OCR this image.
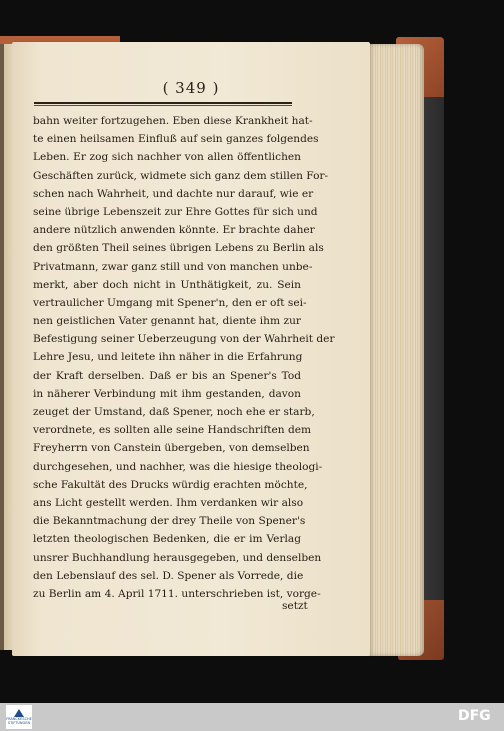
( 349 )
bahn weiter fortzugehen. Eben diese Krankheit hat-
te einen heilsamen Einfluß auf sein ganzes folgendes
Leben. Er zog sich nachher von allen öffentlichen
Geschäften zurück, widmete sich ganz dem stillen For-
schen nach Wahrheit, und dachte nur darauf, wie er
seine übrige Lebenszeit zur Ehre Gottes für sich und
andere nützlich anwenden könnte. Er brachte daher
den größten Theil seines übrigen Lebens zu Berlin als
Privatmann, zwar ganz still und von manchen unbe-
merkt, aber doch nicht in Unthätigkeit, zu. Sein
vertraulicher Umgang mit Spener'n, den er oft sei-
nen geistlichen Vater genannt hat, diente ihm zur
Befestigung seiner Ueberzeugung von der Wahrheit der
Lehre Jesu, und leitete ihn näher in die Erfahrung
der Kraft derselben. Daß er bis an Spener's Tod
in näherer Verbindung mit ihm gestanden, davon
zeuget der Umstand, daß Spener, noch ehe er starb,
verordnete, es sollten alle seine Handschriften dem
Freyherrn von Canstein übergeben, von demselben
durchgesehen, und nachher, was die hiesige theologi-
sche Fakultät des Drucks würdig erachten möchte,
ans Licht gestellt werden. Ihm verdanken wir also
die Bekanntmachung der drey Theile von Spener's
letzten theologischen Bedenken, die er im Verlag
unsrer Buchhandlung herausgegeben, und denselben
den Lebenslauf des sel. D. Spener als Vorrede, die
zu Berlin am 4. April 1711. unterschrieben ist, vorge-
setzt
FRANCKESCHE STIFTUNGEN	DFG
